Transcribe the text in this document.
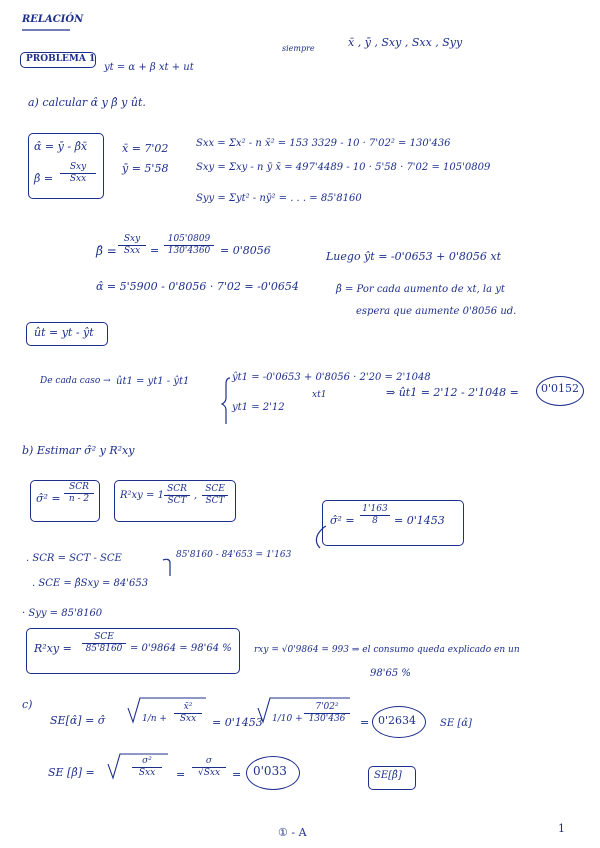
RELACIÓN
siempre	x̄ , ȳ , Sxy , Sxx , Syy
PROBLEMA 1
yt = α + β xt + ut
a) calcular α̂ y β̂ y ût.
α̂ = ȳ - β̂x̄
β̂ =
Sxy
Sxx
x̄ = 7'02
ȳ = 5'58
Sxx = Σx² - n x̄² = 153 3329 - 10 · 7'02² = 130'436
Sxy = Σxy - n ȳ x̄ = 497'4489 - 10 · 5'58 · 7'02 = 105'0809
Syy = Σyt² - nȳ² = . . . = 85'8160
β̂ =
Sxy
Sxx = $\frac{105'0809}{130'4360} = 0'8056$
α̂ = 5'5900 - 0'8056 · 7'02 = -0'0654
Luego ŷt = -0'0653 + 0'8056 xt
β̂ = Por cada aumento de xt, la yt
espera que aumente 0'8056 ud.
ût = yt - ŷt
De cada caso → ût1 = yt1 - ŷt1	ŷt1 = -0'0653 + 0'8056 · 2'20 = 2'1048
xt1
yt1 = 2'12
⇒ ût1 = 2'12 - 2'1048 = 0'0152
b) Estimar σ̂² y R²xy
σ̂² =
SCR
n - 2	R²xy = 1 -
SCR
SCT
,
SCE
SCT
σ̂² = $\frac{1'163}{8} = 0'1453$
. SCR = SCT - SCE	85'8160 - 84'653 = 1'163
. SCE = β̂Sxy = 84'653
· Syy = 85'8160
R²xy =
SCE
85'8160 = 0'9864 = 98'64 % rxy = √0'9864 = 993 ⇒ el consumo queda explicado en un
98'65 %
c)
SE[α̂] = σ̂	1/n +
x̄²
Sxx	= 0'1453 $1/10 + \frac{\text{7'02²}}{130'436} = 0'2634$ SE [α̂]
SE [β̂] =
σ²
Sxx	=
σ
√Sxx	= 0'033	SE[β̂]
① - A	1
